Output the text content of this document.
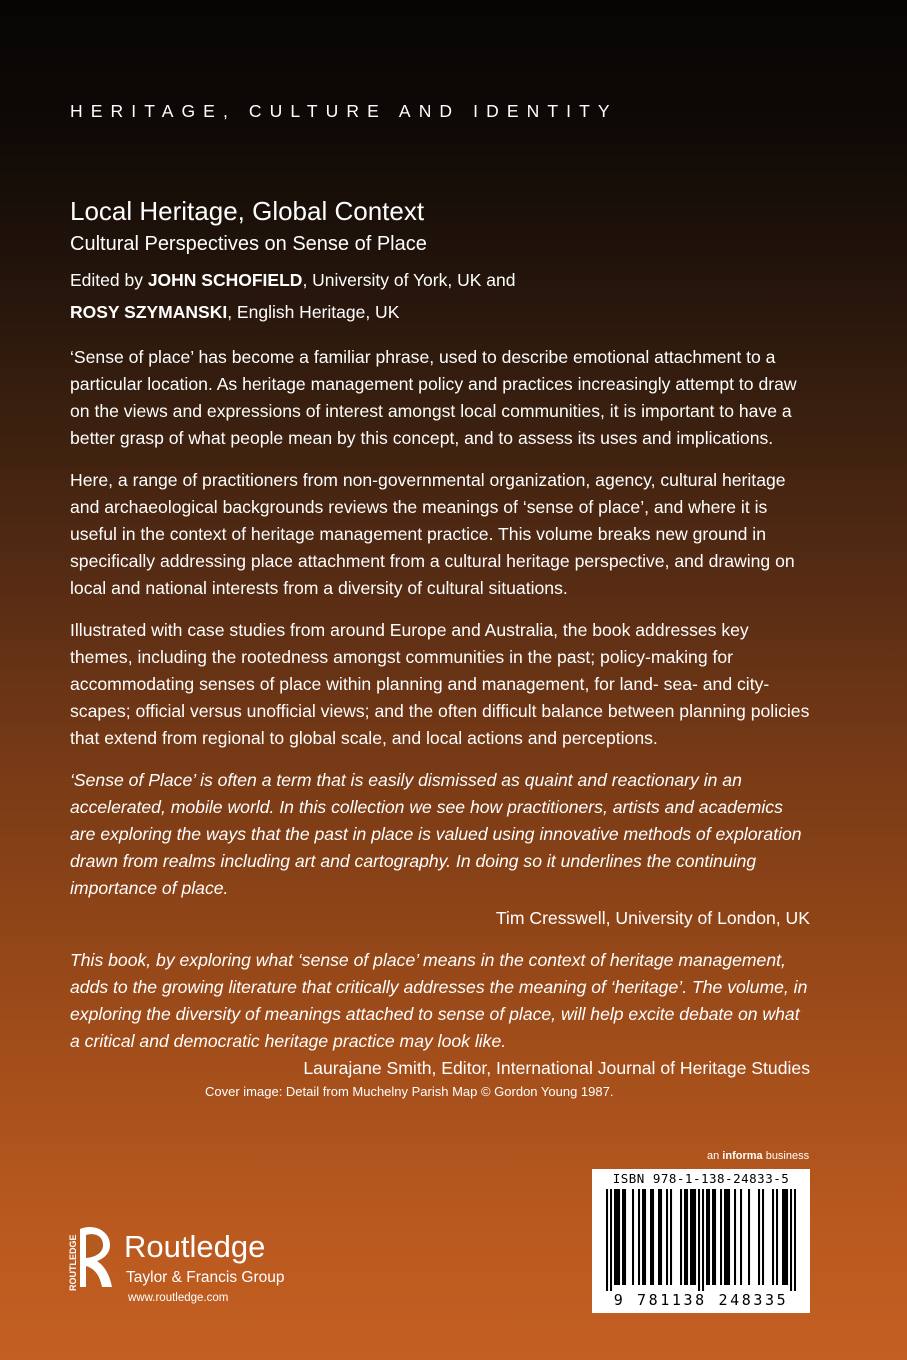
HERITAGE, CULTURE AND IDENTITY
Local Heritage, Global Context
Cultural Perspectives on Sense of Place
Edited by JOHN SCHOFIELD, University of York, UK and
ROSY SZYMANSKI, English Heritage, UK

‘Sense of place’ has become a familiar phrase, used to describe emotional attachment to a particular location. As heritage management policy and practices increasingly attempt to draw on the views and expressions of interest amongst local communities, it is important to have a better grasp of what people mean by this concept, and to assess its uses and implications.

Here, a range of practitioners from non-governmental organization, agency, cultural heritage and archaeological backgrounds reviews the meanings of ‘sense of place’, and where it is useful in the context of heritage management practice. This volume breaks new ground in specifically addressing place attachment from a cultural heritage perspective, and drawing on local and national interests from a diversity of cultural situations.

Illustrated with case studies from around Europe and Australia, the book addresses key themes, including the rootedness amongst communities in the past; policy-making for accommodating senses of place within planning and management, for land- sea- and city-scapes; official versus unofficial views; and the often difficult balance between planning policies that extend from regional to global scale, and local actions and perceptions.

‘Sense of Place’ is often a term that is easily dismissed as quaint and reactionary in an accelerated, mobile world. In this collection we see how practitioners, artists and academics are exploring the ways that the past in place is valued using innovative methods of exploration drawn from realms including art and cartography. In doing so it underlines the continuing importance of place.

Tim Cresswell, University of London, UK

This book, by exploring what ‘sense of place’ means in the context of heritage management, adds to the growing literature that critically addresses the meaning of ‘heritage’. The volume, in exploring the diversity of meanings attached to sense of place, will help excite debate on what a critical and democratic heritage practice may look like.

Laurajane Smith, Editor, International Journal of Heritage Studies

Cover image: Detail from Muchelny Parish Map © Gordon Young 1987.
an informa business
ISBN 978-1-138-24833-5
9 781138 248335
ROUTLEDGE Routledge
Taylor & Francis Group
www.routledge.com
